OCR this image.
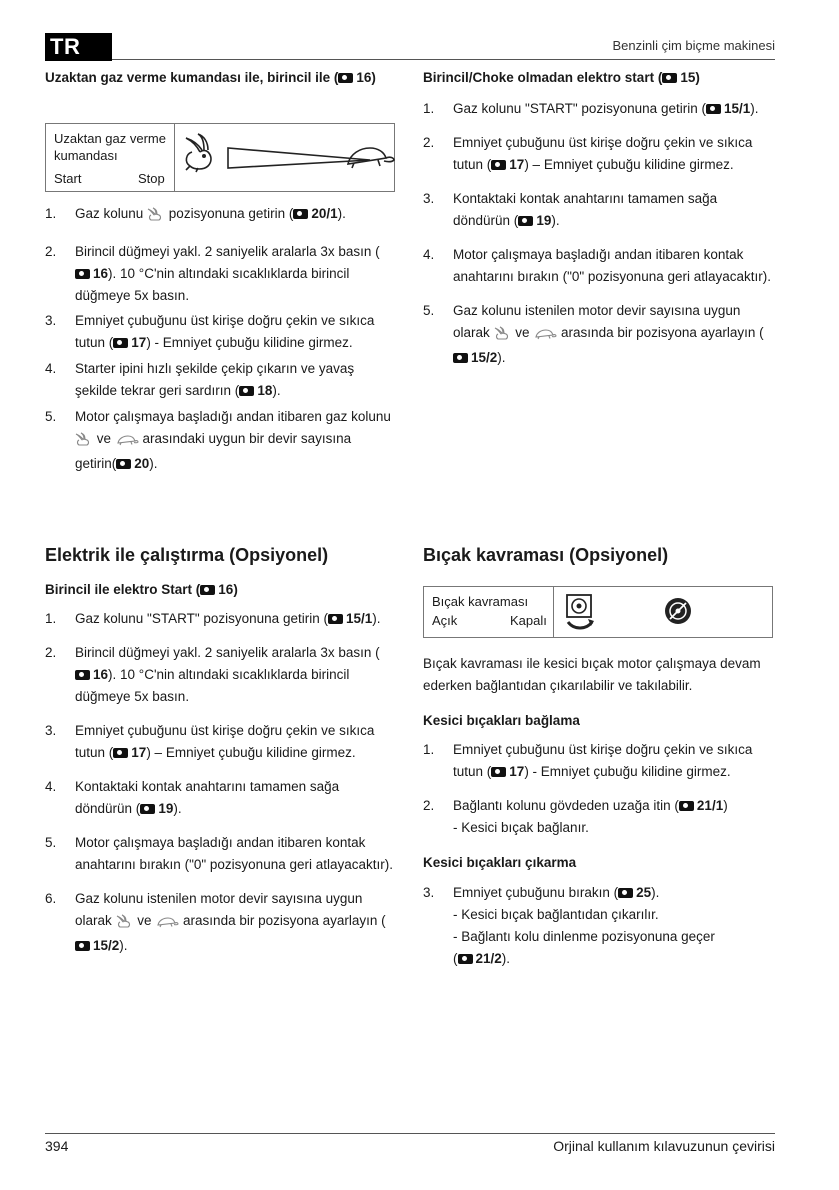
TR	Benzinli çim biçme makinesi

Uzaktan gaz verme kumandası ile, birincil ile ( 16)

Uzaktan gaz verme
kumandası
Start	Stop
1. Gaz kolunu  pozisyonuna getirin ( 20/1).
2. Birincil düğmeyi yakl. 2 saniyelik aralarla 3x basın (16). 10 °C'nin altındaki sıcaklıklarda birincil düğmeye 5x basın.
3. Emniyet çubuğunu üst kirişe doğru çekin ve sıkıca tutun ( 17) - Emniyet çubuğu kilidine girmez.
4. Starter ipini hızlı şekilde çekip çıkarın ve yavaş şekilde tekrar geri sardırın ( 18).
5. Motor çalışmaya başladığı andan itibaren gaz kolunu  ve  arasındaki uygun bir devir sayısına getirin( 20).

Birincil/Choke olmadan elektro start ( 15)

1. Gaz kolunu "START" pozisyonuna getirin ( 15/1).
2. Emniyet çubuğunu üst kirişe doğru çekin ve sıkıca tutun ( 17) – Emniyet çubuğu kilidine girmez.
3. Kontaktaki kontak anahtarını tamamen sağa döndürün ( 19).
4. Motor çalışmaya başladığı andan itibaren kontak anahtarını bırakın ("0" pozisyonuna geri atlayacaktır).
5. Gaz kolunu istenilen motor devir sayısına uygun olarak  ve  arasında bir pozisyona ayarlayın (15/2).
Elektrik ile çalıştırma (Opsiyonel)

Birincil ile elektro Start ( 16)

1. Gaz kolunu "START" pozisyonuna getirin ( 15/1).
2. Birincil düğmeyi yakl. 2 saniyelik aralarla 3x basın (16). 10 °C'nin altındaki sıcaklıklarda birincil düğmeye 5x basın.
3. Emniyet çubuğunu üst kirişe doğru çekin ve sıkıca tutun ( 17) – Emniyet çubuğu kilidine girmez.
4. Kontaktaki kontak anahtarını tamamen sağa döndürün ( 19).
5. Motor çalışmaya başladığı andan itibaren kontak anahtarını bırakın ("0" pozisyonuna geri atlayacaktır).
6. Gaz kolunu istenilen motor devir sayısına uygun olarak  ve  arasında bir pozisyona ayarlayın (15/2).
Bıçak kavraması (Opsiyonel)
Bıçak kavraması
Açık	Kapalı

Bıçak kavraması ile kesici bıçak motor çalışmaya devam ederken bağlantıdan çıkarılabilir ve takılabilir.

Kesici bıçakları bağlama

1. Emniyet çubuğunu üst kirişe doğru çekin ve sıkıca tutun ( 17) - Emniyet çubuğu kilidine girmez.
2. Bağlantı kolunu gövdeden uzağa itin ( 21/1)
- Kesici bıçak bağlanır.

Kesici bıçakları çıkarma

3. Emniyet çubuğunu bırakın ( 25).
- Kesici bıçak bağlantıdan çıkarılır.
- Bağlantı kolu dinlenme pozisyonuna geçer
( 21/2).
394	Orjinal kullanım kılavuzunun çevirisi
